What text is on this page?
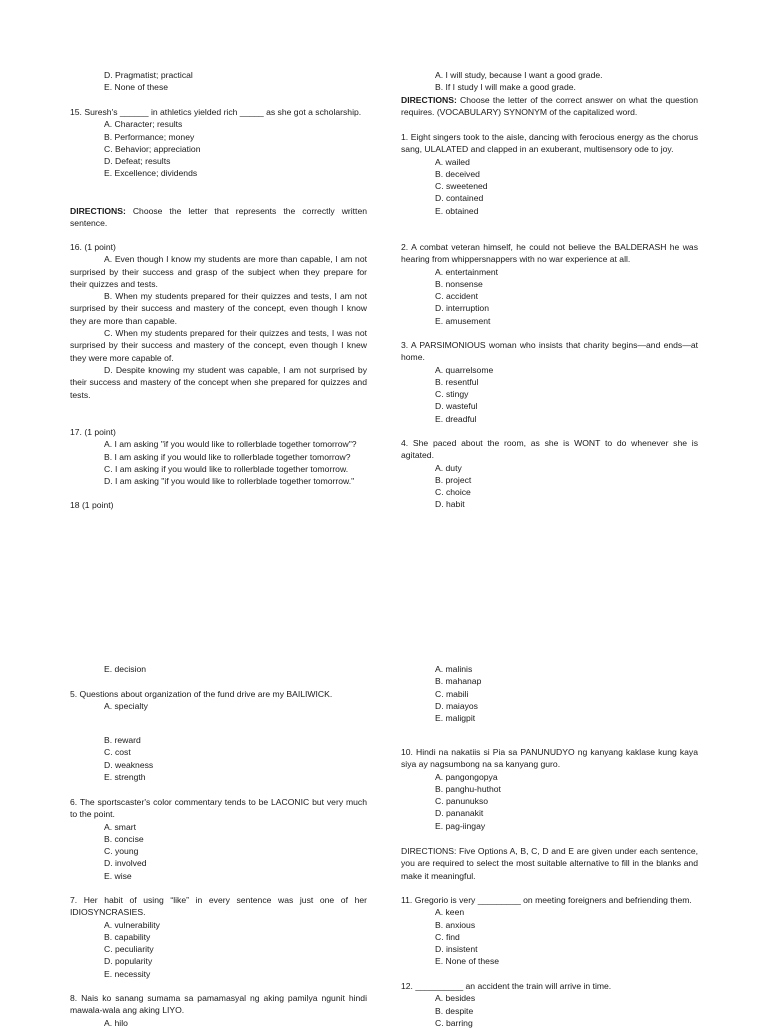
D. Pragmatist; practical

E. None of these

15. Suresh's ______ in athletics yielded rich _____ as she got a scholarship.

A. Character; results

B. Performance; money

C. Behavior; appreciation

D. Defeat; results

E. Excellence; dividends

DIRECTIONS: Choose the letter that represents the correctly written sentence.

16. (1 point)

A. Even though I know my students are more than capable, I am not surprised by their success and grasp of the subject when they prepare for their quizzes and tests.

B. When my students prepared for their quizzes and tests, I am not surprised by their success and mastery of the concept, even though I know they are more than capable.

C. When my students prepared for their quizzes and tests, I was not surprised by their success and mastery of the concept, even though I knew they were more capable of.

D. Despite knowing my student was capable, I am not surprised by their success and mastery of the concept when she prepared for quizzes and tests.

17. (1 point)

A. I am asking "if you would like to rollerblade together tomorrow"?

B. I am asking if you would like to rollerblade together tomorrow?

C. I am asking if you would like to rollerblade together tomorrow.

D. I am asking "if you would like to rollerblade together tomorrow."

18 (1 point)

E. decision

5. Questions about organization of the fund drive are my BAILIWICK.

A. specialty

B. reward

C. cost

D. weakness

E. strength

6. The sportscaster's color commentary tends to be LACONIC but very much to the point.

A. smart

B. concise

C. young

D. involved

E. wise

7. Her habit of using “like” in every sentence was just one of her IDIOSYNCRASIES.

A. vulnerability

B. capability

C. peculiarity

D. popularity

E. necessity

8. Nais ko sanang sumama sa pamamasyal ng aking pamilya ngunit hindi mawala-wala ang aking LIYO.

A. hilo

A. I will study, because I want a good grade.

B. If I study I will make a good grade.

DIRECTIONS: Choose the letter of the correct answer on what the question requires. (VOCABULARY) SYNONYM of the capitalized word.

1. Eight singers took to the aisle, dancing with ferocious energy as the chorus sang, ULALATED and clapped in an exuberant, multisensory ode to joy.

A. wailed

B. deceived

C. sweetened

D. contained

E. obtained

2. A combat veteran himself, he could not believe the BALDERASH he was hearing from whippersnappers with no war experience at all.

A. entertainment

B. nonsense

C. accident

D. interruption

E. amusement

3. A PARSIMONIOUS woman who insists that charity begins—and ends—at home.

A. quarrelsome

B. resentful

C. stingy

D. wasteful

E. dreadful

4. She paced about the room, as she is WONT to do whenever she is agitated.

A. duty

B. project

C. choice

D. habit

A. malinis

B. mahanap

C. mabili

D. maiayos

E. maligpit

10. Hindi na nakatiis si Pia sa PANUNUDYO ng kanyang kaklase kung kaya siya ay nagsumbong na sa kanyang guro.

A. pangongopya

B. panghu-huthot

C. panunukso

D. pananakit

E. pag-iingay

DIRECTIONS: Five Options A, B, C, D and E are given under each sentence, you are required to select the most suitable alternative to fill in the blanks and make it meaningful.

11. Gregorio is very _________ on meeting foreigners and befriending them.

A. keen

B. anxious

C. find

D. insistent

E. None of these

12. __________ an accident the train will arrive in time.

A. besides

B. despite

C. barring
